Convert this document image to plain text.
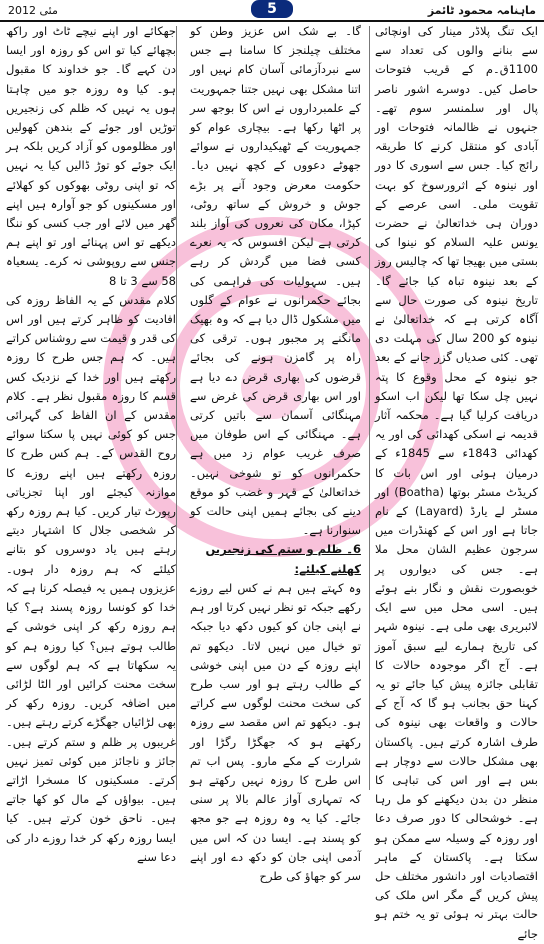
مئی 2012	ماہنامہ محمود ٹائمز
5
ایک تنگ پلاڈر مینار کی اونچائی سے بنانے والوں کی تعداد سے 1100ق۔م کے قریب فتوحات حاصل کیں۔ دوسرے اشور ناصر پال اور سلمنسر سوم تھے۔ جنہوں نے ظالمانہ فتوحات اور آبادی کو منتقل کرنے کا طریقہ رائج کیا۔ جس سے اسوری کا دور اور نینوہ کے اثرورسوخ کو بہت تقویت ملی۔ اسی عرصے کے دوران ہی خداتعالیٰ نے حضرت یونس علیہ السلام کو نینوا کی بستی میں بھیجا تھا کہ چالیس روز کے بعد نینوہ تباہ کیا جائے گا۔ تاریخ نینوہ کی صورت حال سے آگاہ کرتی ہے کہ خداتعالیٰ نے نینوہ کو 200 سال کی مہلت دی تھی۔ کئی صدیاں گزر جانے کے بعد جو نینوہ کے محل وقوع کا پتہ نہیں چل سکا تھا لیکن اب اسکو دریافت کرلیا گیا ہے۔ محکمہ آثار قدیمہ نے اسکی کھدائی کی اور یہ کھدائی 1843ء سے 1845ء کے درمیان ہوئی اور اس بات کا کریڈٹ مسٹر بوتھا (Boatha) اور مسٹر لے یارڈ (Layard) کے نام جاتا ہے اور اس کے کھنڈرات میں سرجون عظیم الشان محل ملا ہے۔ جس کی دیواروں پر خوبصورت نقش و نگار بنے ہوئے ہیں۔ اسی محل میں سے ایک لائبریری بھی ملی ہے۔ نینوہ شہر کی تاریخ ہمارے لیے سبق آموز ہے۔ آج اگر موجودہ حالات کا تقابلی جائزہ پیش کیا جائے تو یہ کہنا حق بجانب ہو گا کہ آج کے حالات و واقعات بھی نینوہ کی طرف اشارہ کرتے ہیں۔ پاکستان بھی مشکل حالات سے دوچار ہے بس ہے اور اس کی تباہی کا منظر دن بدن دیکھنے کو مل رہا ہے۔ خوشحالی کا دور صرف دعا اور روزہ کے وسیلہ سے ممکن ہو سکتا ہے۔ پاکستان کے ماہر اقتصادیات اور دانشور مختلف حل پیش کریں گے مگر اس ملک کی حالت بہتر نہ ہوئی تو یہ ختم ہو جائے
گا۔ بے شک اس عزیز وطن کو مختلف چیلنجز کا سامنا ہے جس سے نبردآزمائی آسان کام نہیں اور اتنا مشکل بھی نہیں جتنا جمہوریت کے علمبرداروں نے اس کا بوجھ سر پر اٹھا رکھا ہے۔ بیچاری عوام کو جمہوریت کے ٹھیکیداروں نے سوائے جھوٹے دعووں کے کچھ نہیں دیا۔ حکومت معرض وجود آنے پر بڑے جوش و خروش کے ساتھ روٹی، کپڑا، مکان کی نعروں کی آواز بلند کرتی ہے لیکن افسوس کہ یہ نعرے کسی فضا میں گردش کر رہے ہیں۔ سہولیات کی فراہمی کی بجائے حکمرانوں نے عوام کے گلوں میں مشکول ڈال دیا ہے کہ وہ بھیک مانگنے پر مجبور ہوں۔ ترقی کی راہ پر گامزن ہونے کی بجائے قرضوں کی بھاری قرض دے دیا ہے اور اس بھاری قرض کی غرض سے مہنگائی آسمان سے باتیں کرتی ہے۔ مہنگائی کے اس طوفان میں صرف غریب عوام زد میں ہے حکمرانوں کو تو شوخی نہیں۔ خداتعالیٰ کے قہر و غضب کو موقع دینے کی بجائے ہمیں اپنی حالت کو سنوارنا ہے۔
6۔ ظلم و ستم کی زنجیریں کھلنے کیلئے:
وہ کہتے ہیں ہم نے کس لیے روزے رکھے جبکہ تو نظر نہیں کرتا اور ہم نے اپنی جان کو کیوں دکھ دیا جبکہ تو خیال میں نہیں لاتا۔ دیکھو تم اپنے روزہ کے دن میں اپنی خوشی کے طالب رہتے ہو اور سب طرح کی سخت محنت لوگوں سے کراتے ہو۔ دیکھو تم اس مقصد سے روزہ رکھتے ہو کہ جھگڑا رگڑا اور شرارت کے مکے مارو۔ پس اب تم اس طرح کا روزہ نہیں رکھتے ہو کہ تمہاری آواز عالم بالا پر سنی جائے۔ کیا یہ وہ روزہ ہے جو مجھ کو پسند ہے۔ ایسا دن کہ اس میں آدمی اپنی جان کو دکھ دے اور اپنے سر کو جھاؤ کی طرح
جھکائے اور اپنے نیچے ٹاٹ اور راکھ بچھائے کیا تو اس کو روزہ اور ایسا دن کہے گا۔ جو خداوند کا مقبول ہو۔ کیا وہ روزہ جو میں چاہتا ہوں یہ نہیں کہ ظلم کی زنجیریں توڑیں اور جوئے کے بندھن کھولیں اور مظلوموں کو آزاد کریں بلکہ ہر ایک جوئے کو توڑ ڈالیں کیا یہ نہیں کہ تو اپنی روٹی بھوکوں کو کھلائے اور مسکینوں کو جو آوارہ ہیں اپنے گھر میں لائے اور جب کسی کو ننگا دیکھے تو اس پہنائے اور تو اپنے ہم جنس سے روپوشی نہ کرے۔ یسعیاہ 58 سے 3 تا 8
کلام مقدس کے یہ الفاظ روزہ کی افادیت کو ظاہر کرتے ہیں اور اس کی قدر و قیمت سے روشناس کراتے ہیں۔ کہ ہم جس طرح کا روزہ رکھتے ہیں اور خدا کے نزدیک کس قسم کا روزہ مقبول نظر ہے۔ کلام مقدس کے ان الفاظ کی گہرائی جس کو کوئی نہیں پا سکتا سوائے روح القدس کے۔ ہم کس طرح کا روزہ رکھتے ہیں اپنے روزے کا موازنہ کیجئے اور اپنا تجزیاتی رپورٹ تیار کریں۔ کیا ہم روزہ رکھ کر شخصی جلال کا اشتہار دیتے رہتے ہیں یاد دوسروں کو بتانے کیلئے کہ ہم روزہ دار ہوں۔ عزیزوں ہمیں یہ فیصلہ کرنا ہے کہ خدا کو کونسا روزہ پسند ہے؟ کیا ہم روزہ رکھ کر اپنی خوشی کے طالب ہوتے ہیں؟ کیا روزہ ہم کو یہ سکھاتا ہے کہ ہم لوگوں سے سخت محنت کرائیں اور الٹا لڑائی میں اضافہ کریں۔ روزہ رکھ کر بھی لڑائیاں جھگڑے کرتے رہتے ہیں۔ غریبوں پر ظلم و ستم کرتے ہیں۔ جائز و ناجائز میں کوئی تمیز نہیں کرتے۔ مسکینوں کا مسخرا اڑاتے ہیں۔ بیواؤں کے مال کو کھا جاتے ہیں۔ ناحق خون کرتے ہیں۔ کیا ایسا روزہ رکھ کر خدا روزے دار کی دعا سنے
